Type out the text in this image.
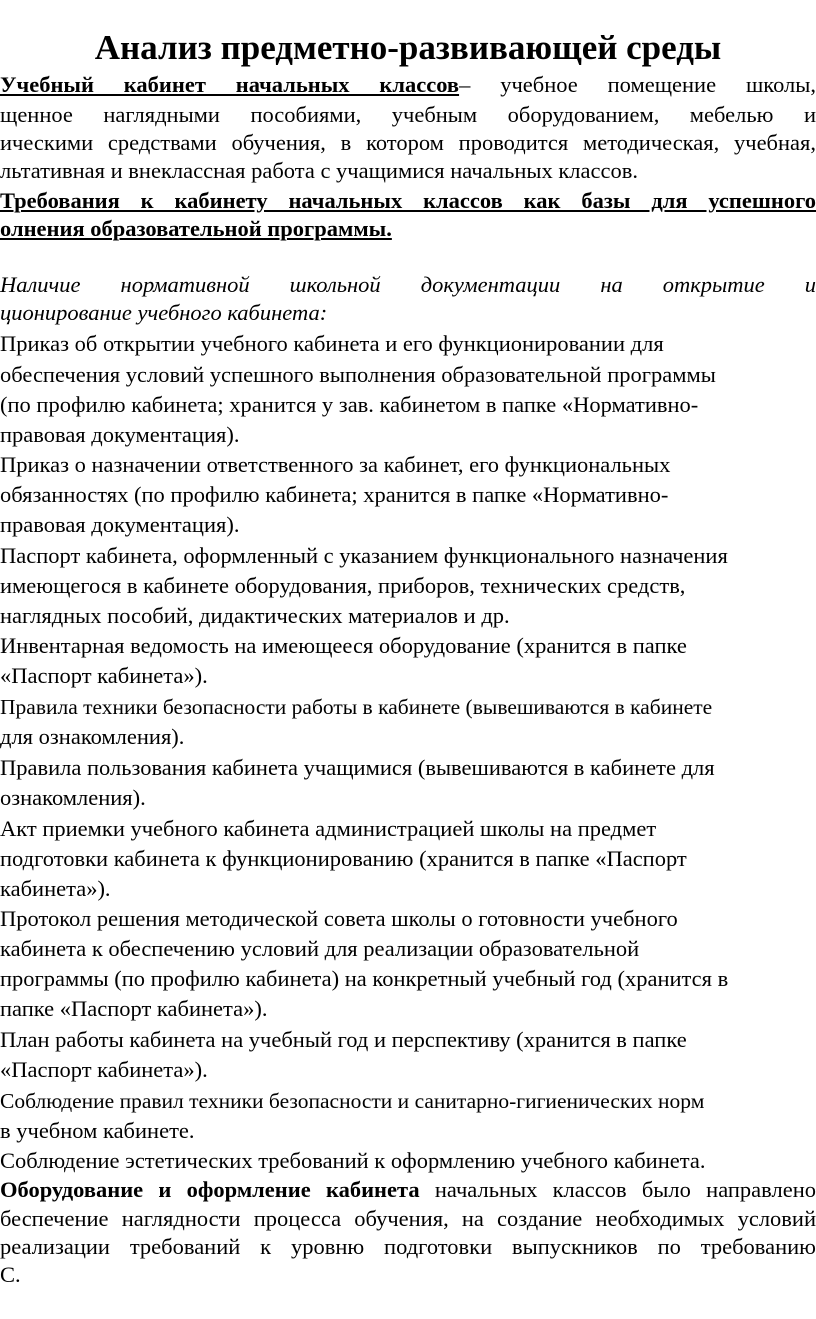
Анализ предметно-развивающей среды
Учебный кабинет начальных классов– учебное помещение школы,
щенное наглядными пособиями, учебным оборудованием, мебелью и
ическими средствами обучения, в котором проводится методическая, учебная,
льтативная и внеклассная работа с учащимися начальных классов.
Требования к кабинету начальных классов как базы для успешного
олнения образовательной программы.
Наличие нормативной школьной документации на открытие и
ционирование учебного кабинета:
Приказ об открытии учебного кабинета и его функционировании для
обеспечения условий успешного выполнения образовательной программы
(по профилю кабинета; хранится у зав. кабинетом в папке «Нормативно-
правовая документация).
Приказ о назначении ответственного за кабинет, его функциональных
обязанностях (по профилю кабинета; хранится в папке «Нормативно-
правовая документация).
Паспорт кабинета, оформленный с указанием функционального назначения
имеющегося в кабинете оборудования, приборов, технических средств,
наглядных пособий, дидактических материалов и др.
Инвентарная ведомость на имеющееся оборудование (хранится в папке
«Паспорт кабинета»).
Правила техники безопасности работы в кабинете (вывешиваются в кабинете
для ознакомления).
Правила пользования кабинета учащимися (вывешиваются в кабинете для
ознакомления).
Акт приемки учебного кабинета администрацией школы на предмет
подготовки кабинета к функционированию (хранится в папке «Паспорт
кабинета»).
Протокол решения методической совета школы о готовности учебного
кабинета к обеспечению условий для реализации образовательной
программы (по профилю кабинета) на конкретный учебный год (хранится в
папке «Паспорт кабинета»).
План работы кабинета на учебный год и перспективу (хранится в папке
«Паспорт кабинета»).
Соблюдение правил техники безопасности и санитарно-гигиенических норм
в учебном кабинете.
Соблюдение эстетических требований к оформлению учебного кабинета.
Оборудование и оформление кабинета начальных классов было направлено
беспечение наглядности процесса обучения, на создание необходимых условий
реализации требований к уровню подготовки выпускников по требованию
С.
